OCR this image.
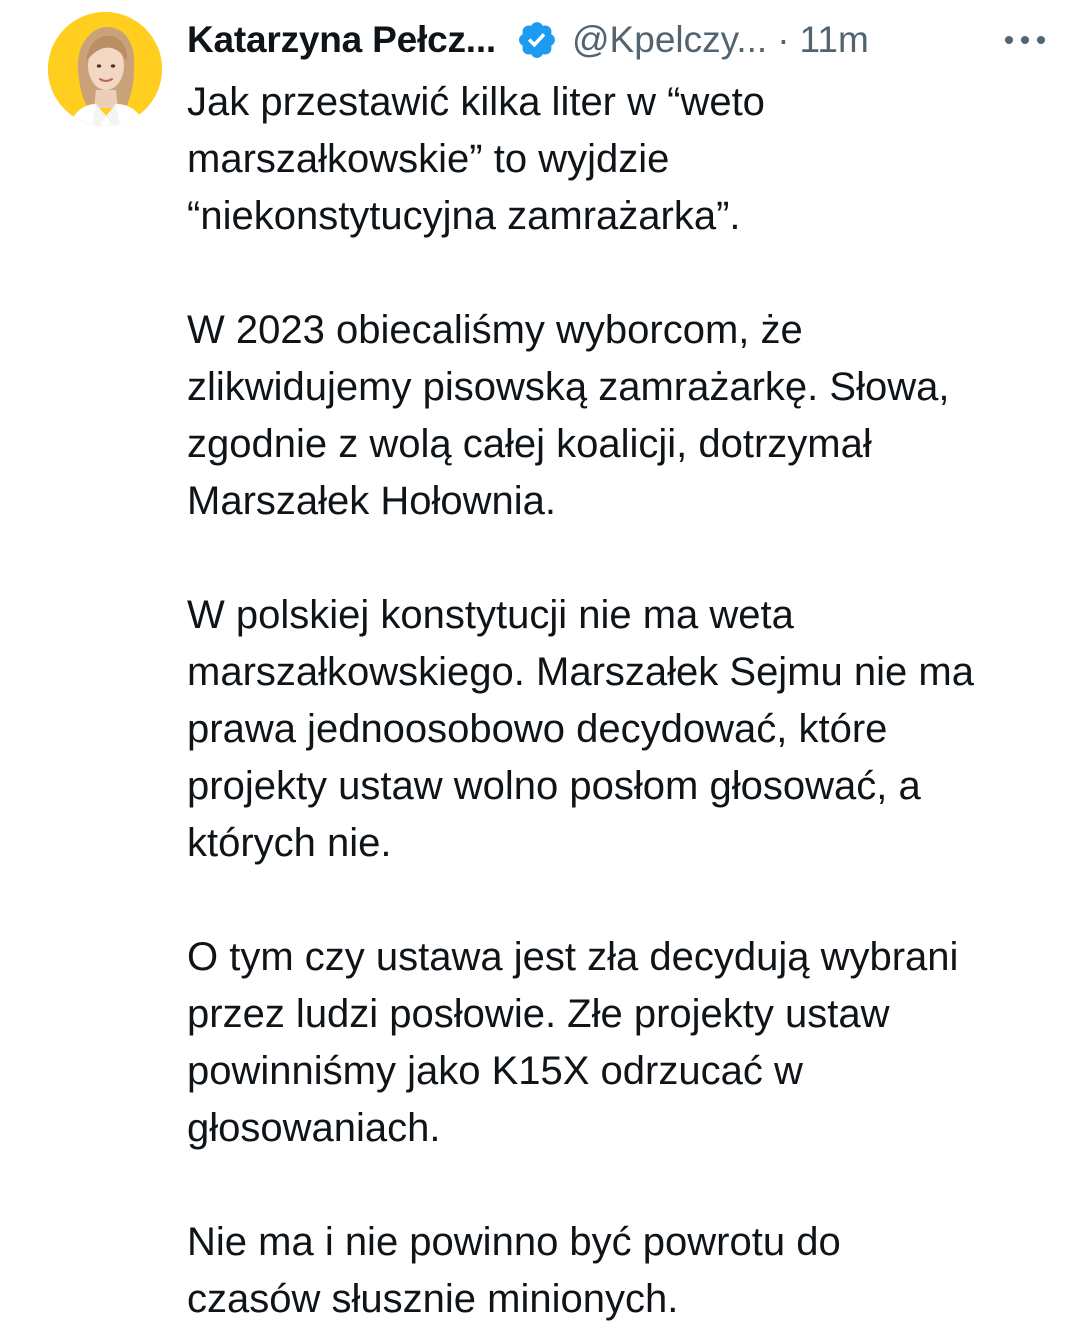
Katarzyna Pełcz... @Kpelczy... · 11m

Jak przestawić kilka liter w “weto
marszałkowskie” to wyjdzie
“niekonstytucyjna zamrażarka”.

W 2023 obiecaliśmy wyborcom, że
zlikwidujemy pisowską zamrażarkę. Słowa,
zgodnie z wolą całej koalicji, dotrzymał
Marszałek Hołownia.

W polskiej konstytucji nie ma weta
marszałkowskiego. Marszałek Sejmu nie ma
prawa jednoosobowo decydować, które
projekty ustaw wolno posłom głosować, a
których nie.

O tym czy ustawa jest zła decydują wybrani
przez ludzi posłowie. Złe projekty ustaw
powinniśmy jako K15X odrzucać w
głosowaniach.

Nie ma i nie powinno być powrotu do
czasów słusznie minionych.
